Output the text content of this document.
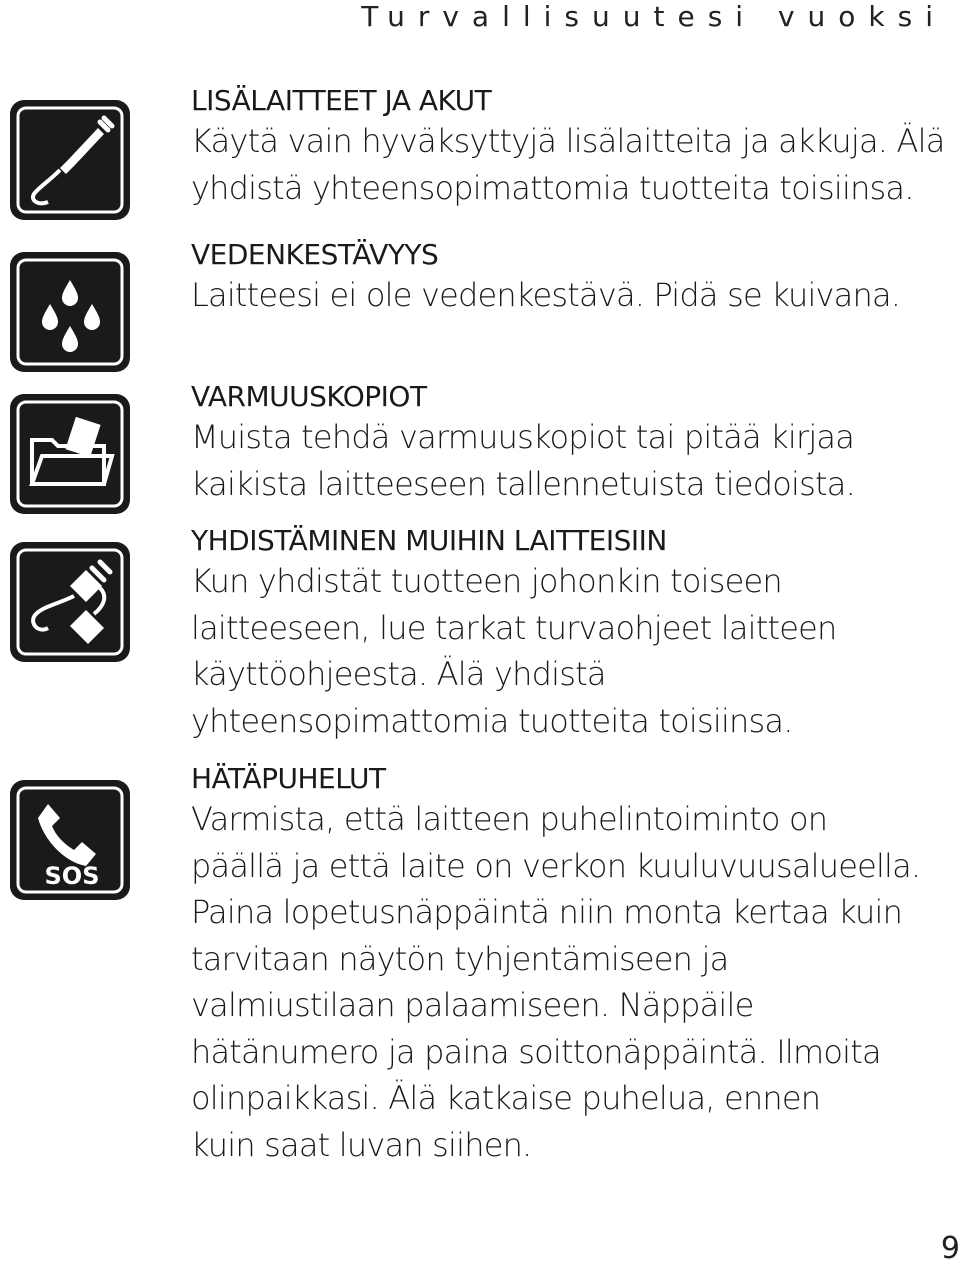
Turvallisuutesi vuoksi
SOS
LISÄLAITTEET JA AKUT
Käytä vain hyväksyttyjä lisälaitteita ja akkuja. Älä
yhdistä yhteensopimattomia tuotteita toisiinsa.
VEDENKESTÄVYYS
Laitteesi ei ole vedenkestävä. Pidä se kuivana.
VARMUUSKOPIOT
Muista tehdä varmuuskopiot tai pitää kirjaa
kaikista laitteeseen tallennetuista tiedoista.
YHDISTÄMINEN MUIHIN LAITTEISIIN
Kun yhdistät tuotteen johonkin toiseen
laitteeseen, lue tarkat turvaohjeet laitteen
käyttöohjeesta. Älä yhdistä
yhteensopimattomia tuotteita toisiinsa.
HÄTÄPUHELUT
Varmista, että laitteen puhelintoiminto on
päällä ja että laite on verkon kuuluvuusalueella.
Paina lopetusnäppäintä niin monta kertaa kuin
tarvitaan näytön tyhjentämiseen ja
valmiustilaan palaamiseen. Näppäile
hätänumero ja paina soittonäppäintä. Ilmoita
olinpaikkasi. Älä katkaise puhelua, ennen
kuin saat luvan siihen.
9
